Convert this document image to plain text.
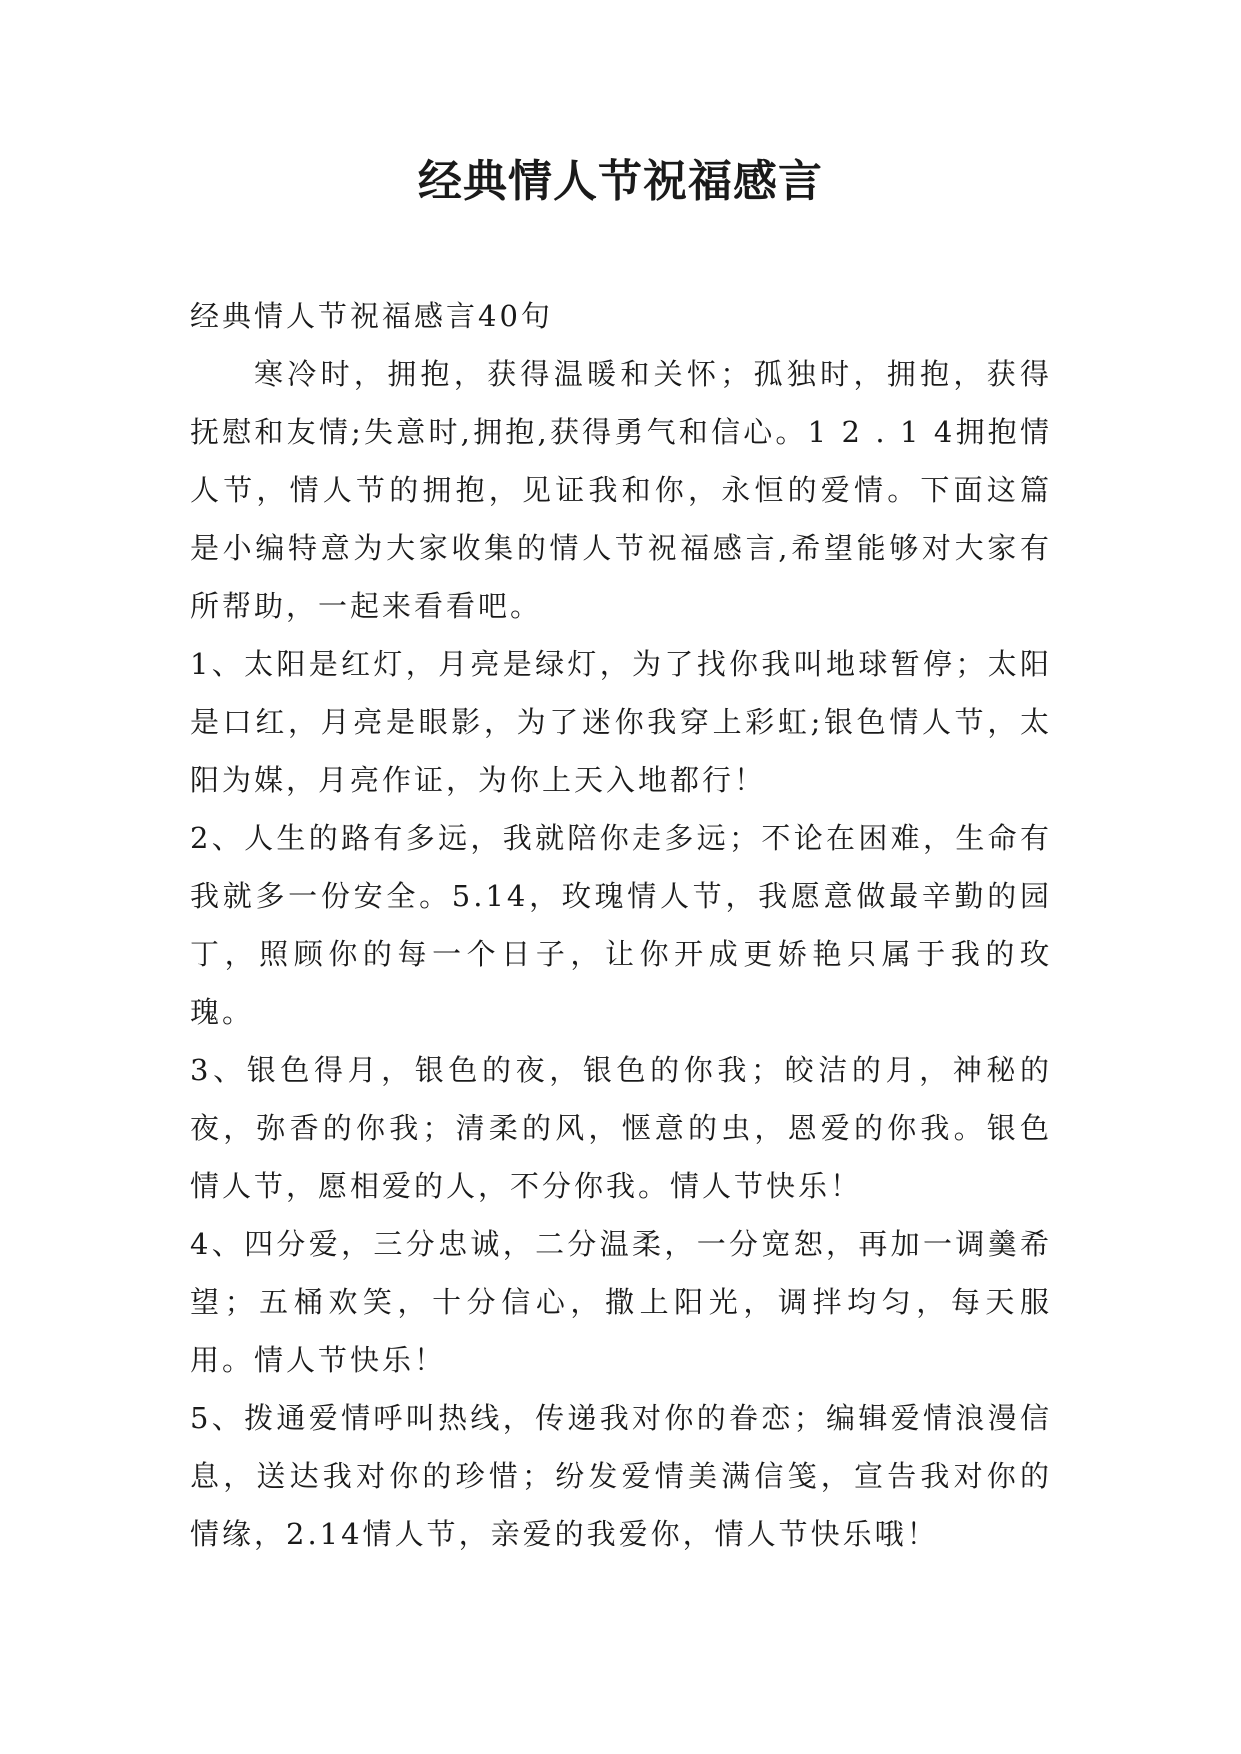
经典情人节祝福感言

经典情人节祝福感言40句

寒冷时，拥抱，获得温暖和关怀；孤独时，拥抱，获得抚慰和友情;失意时,拥抱,获得勇气和信心。1 2 . 1 4拥抱情人节，情人节的拥抱，见证我和你，永恒的爱情。下面这篇是小编特意为大家收集的情人节祝福感言,希望能够对大家有所帮助，一起来看看吧。

1、太阳是红灯，月亮是绿灯，为了找你我叫地球暂停；太阳是口红，月亮是眼影，为了迷你我穿上彩虹;银色情人节，太阳为媒，月亮作证，为你上天入地都行！

2、人生的路有多远，我就陪你走多远；不论在困难，生命有我就多一份安全。5.14，玫瑰情人节，我愿意做最辛勤的园丁，照顾你的每一个日子，让你开成更娇艳只属于我的玫瑰。

3、银色得月，银色的夜，银色的你我；皎洁的月，神秘的夜，弥香的你我；清柔的风，惬意的虫，恩爱的你我。银色情人节，愿相爱的人，不分你我。情人节快乐！

4、四分爱，三分忠诚，二分温柔，一分宽恕，再加一调羹希望；五桶欢笑，十分信心，撒上阳光，调拌均匀，每天服用。情人节快乐！

5、拨通爱情呼叫热线，传递我对你的眷恋；编辑爱情浪漫信息，送达我对你的珍惜；纷发爱情美满信笺，宣告我对你的情缘，2.14情人节，亲爱的我爱你，情人节快乐哦！
